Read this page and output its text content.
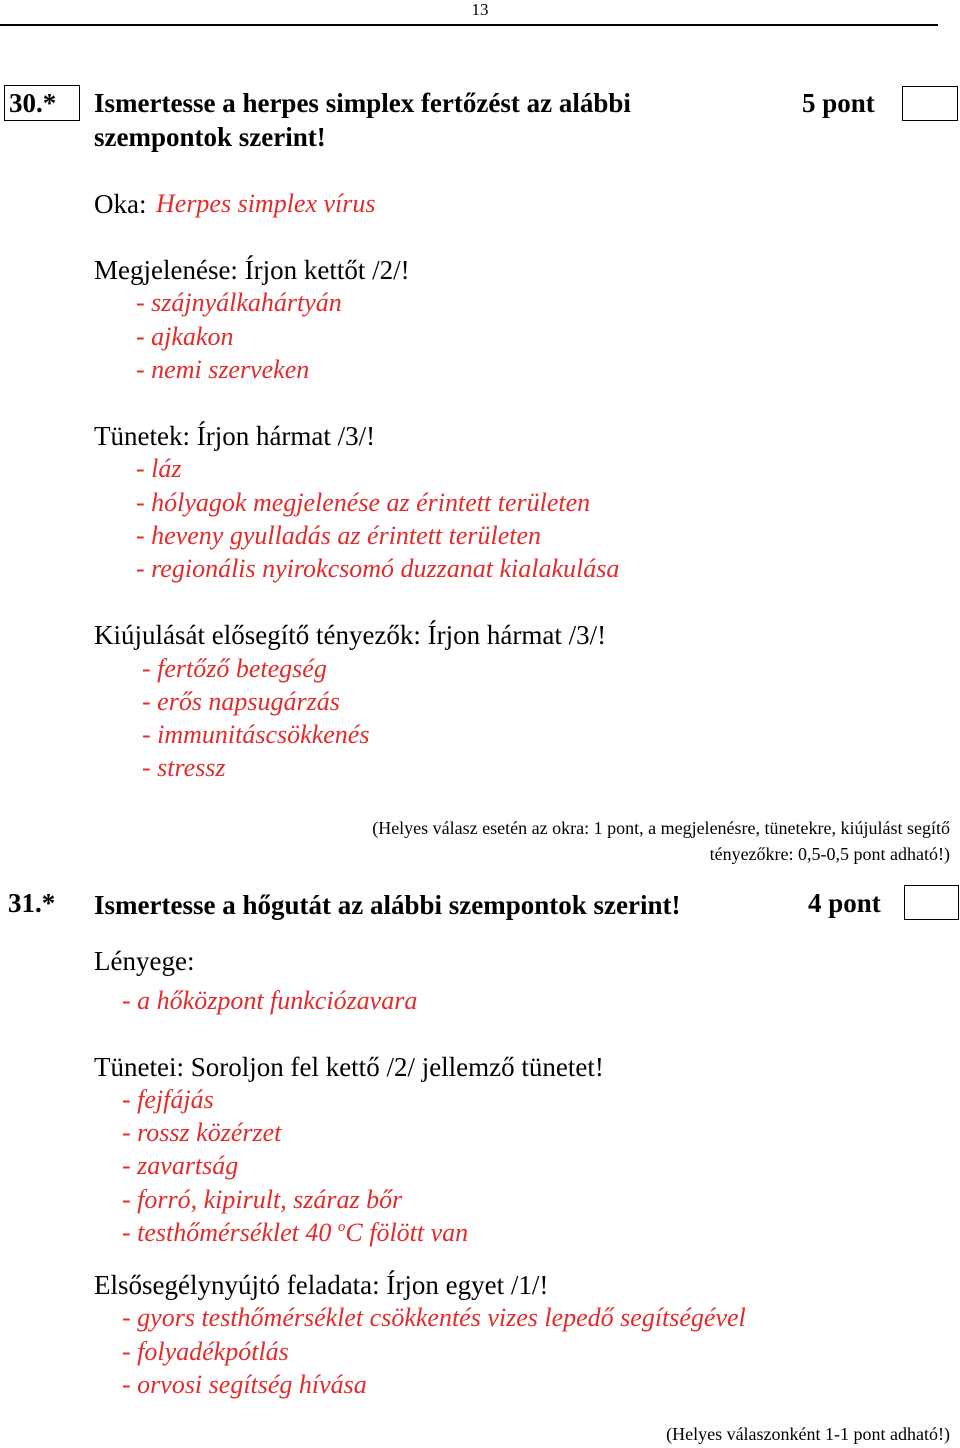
13
30.*	Ismertesse a herpes simplex fertőzést az alábbi
szempontok szerint!
5 pont
Oka: Herpes simplex vírus
Megjelenése: Írjon kettőt /2/!
- szájnyálkahártyán
- ajkakon
- nemi szerveken
Tünetek: Írjon hármat /3/!
- láz
- hólyagok megjelenése az érintett területen
- heveny gyulladás az érintett területen
- regionális nyirokcsomó duzzanat kialakulása
Kiújulását elősegítő tényezők: Írjon hármat /3/!
- fertőző betegség
- erős napsugárzás
- immunitáscsökkenés
- stressz
(Helyes válasz esetén az okra: 1 pont, a megjelenésre, tünetekre, kiújulást segítő
tényezőkre: 0,5-0,5 pont adható!)
31.* Ismertesse a hőgutát az alábbi szempontok szerint!	4 pont
Lényege:
- a hőközpont funkciózavara
Tünetei: Soroljon fel kettő /2/ jellemző tünetet!
- fejfájás
- rossz közérzet
- zavartság
- forró, kipirult, száraz bőr
- testhőmérséklet 40 $^o$C fölött van
Elsősegélynyújtó feladata: Írjon egyet /1/!
- gyors testhőmérséklet csökkentés vizes lepedő segítségével
- folyadékpótlás
- orvosi segítség hívása
(Helyes válaszonként 1-1 pont adható!)
